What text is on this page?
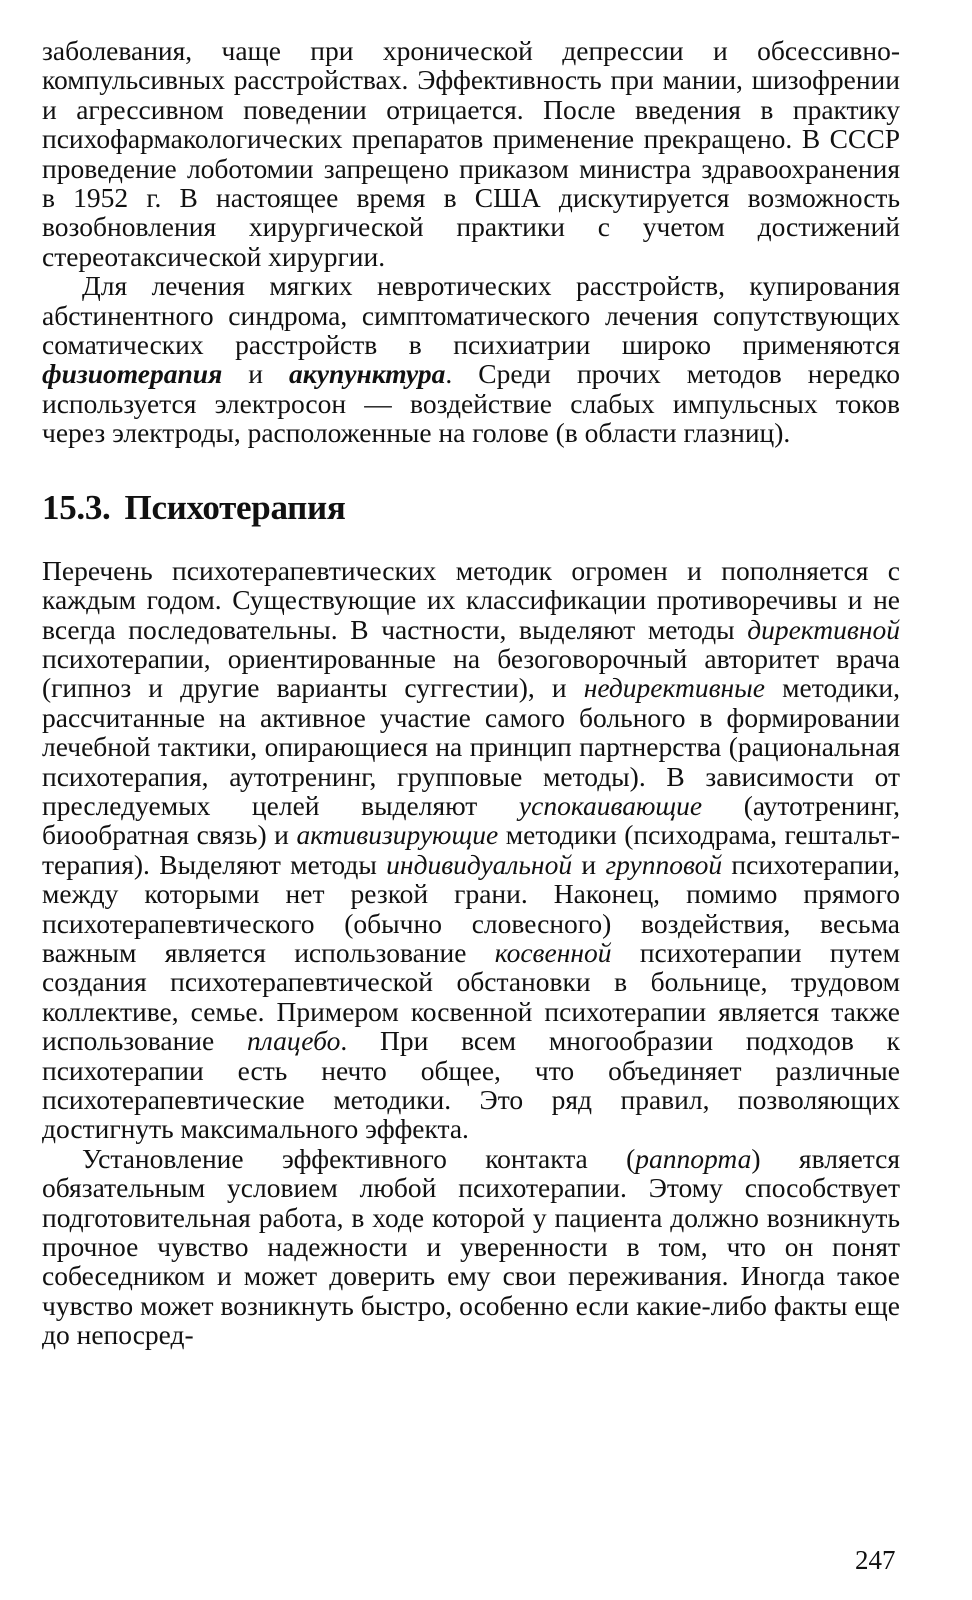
заболевания, чаще при хронической депрессии и обсессивно-компульсивных расстройствах. Эффективность при мании, шизофрении и агрессивном поведении отрицается. После введения в практику психофармакологических препаратов применение прекращено. В СССР проведение лоботомии запрещено приказом министра здравоохранения в 1952 г. В настоящее время в США дискутируется возможность возобновления хирургической практики с учетом достижений стереотаксической хирургии.

Для лечения мягких невротических расстройств, купирования абстинентного синдрома, симптоматического лечения сопутствующих соматических расстройств в психиатрии широко применяются физиотерапия и акупунктура. Среди прочих методов нередко используется электросон — воздействие слабых импульсных токов через электроды, расположенные на голове (в области глазниц).

15.3. Психотерапия

Перечень психотерапевтических методик огромен и пополняется с каждым годом. Существующие их классификации противоречивы и не всегда последовательны. В частности, выделяют методы директивной психотерапии, ориентированные на безоговорочный авторитет врача (гипноз и другие варианты суггестии), и недирективные методики, рассчитанные на активное участие самого больного в формировании лечебной тактики, опирающиеся на принцип партнерства (рациональная психотерапия, аутотренинг, групповые методы). В зависимости от преследуемых целей выделяют успокаивающие (аутотренинг, биообратная связь) и активизирующие методики (психодрама, гештальт-терапия). Выделяют методы индивидуальной и групповой психотерапии, между которыми нет резкой грани. Наконец, помимо прямого психотерапевтического (обычно словесного) воздействия, весьма важным является использование косвенной психотерапии путем создания психотерапевтической обстановки в больнице, трудовом коллективе, семье. Примером косвенной психотерапии является также использование плацебо. При всем многообразии подходов к психотерапии есть нечто общее, что объединяет различные психотерапевтические методики. Это ряд правил, позволяющих достигнуть максимального эффекта.

Установление эффективного контакта (раппорта) является обязательным условием любой психотерапии. Этому способствует подготовительная работа, в ходе которой у пациента должно возникнуть прочное чувство надежности и уверенности в том, что он понят собеседником и может доверить ему свои переживания. Иногда такое чувство может возникнуть быстро, особенно если какие-либо факты еще до непосред-

247
